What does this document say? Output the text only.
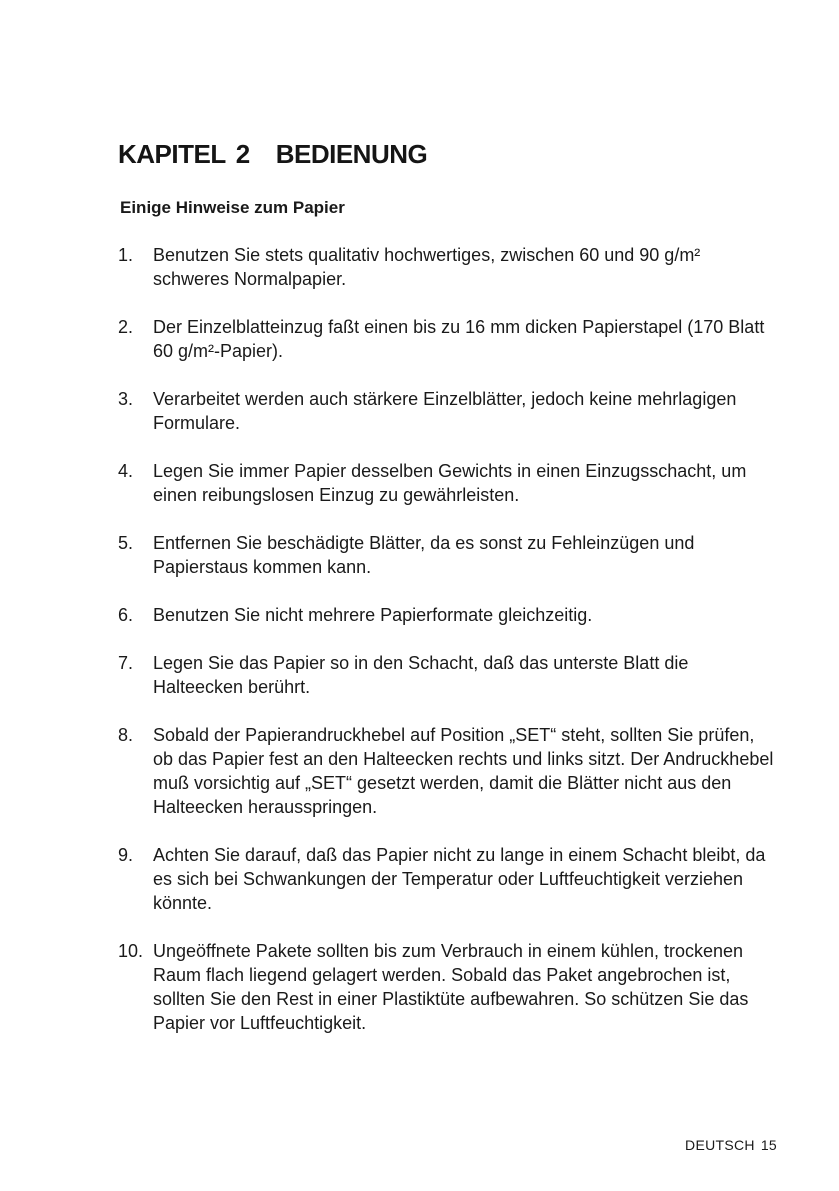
KAPITEL 2 BEDIENUNG
Einige Hinweise zum Papier
1.	Benutzen Sie stets qualitativ hochwertiges, zwischen 60 und 90 g/m² schweres Normalpapier.
2.	Der Einzelblatteinzug faßt einen bis zu 16 mm dicken Papierstapel (170 Blatt 60 g/m²-Papier).
3.	Verarbeitet werden auch stärkere Einzelblätter, jedoch keine mehrlagigen Formulare.
4.	Legen Sie immer Papier desselben Gewichts in einen Einzugsschacht, um einen reibungslosen Einzug zu gewährleisten.
5.	Entfernen Sie beschädigte Blätter, da es sonst zu Fehleinzügen und Papierstaus kommen kann.
6.	Benutzen Sie nicht mehrere Papierformate gleichzeitig.
7.	Legen Sie das Papier so in den Schacht, daß das unterste Blatt die Halteecken berührt.
8.	Sobald der Papierandruckhebel auf Position „SET“ steht, sollten Sie prüfen, ob das Papier fest an den Halteecken rechts und links sitzt. Der Andruckhebel muß vorsichtig auf „SET“ gesetzt werden, damit die Blätter nicht aus den Halteecken herausspringen.
9.	Achten Sie darauf, daß das Papier nicht zu lange in einem Schacht bleibt, da es sich bei Schwankungen der Temperatur oder Luftfeuchtigkeit verziehen könnte.
10. Ungeöffnete Pakete sollten bis zum Verbrauch in einem kühlen, trockenen Raum flach liegend gelagert werden. Sobald das Paket angebrochen ist, sollten Sie den Rest in einer Plastiktüte aufbewahren. So schützen Sie das Papier vor Luftfeuchtigkeit.
DEUTSCH 15
